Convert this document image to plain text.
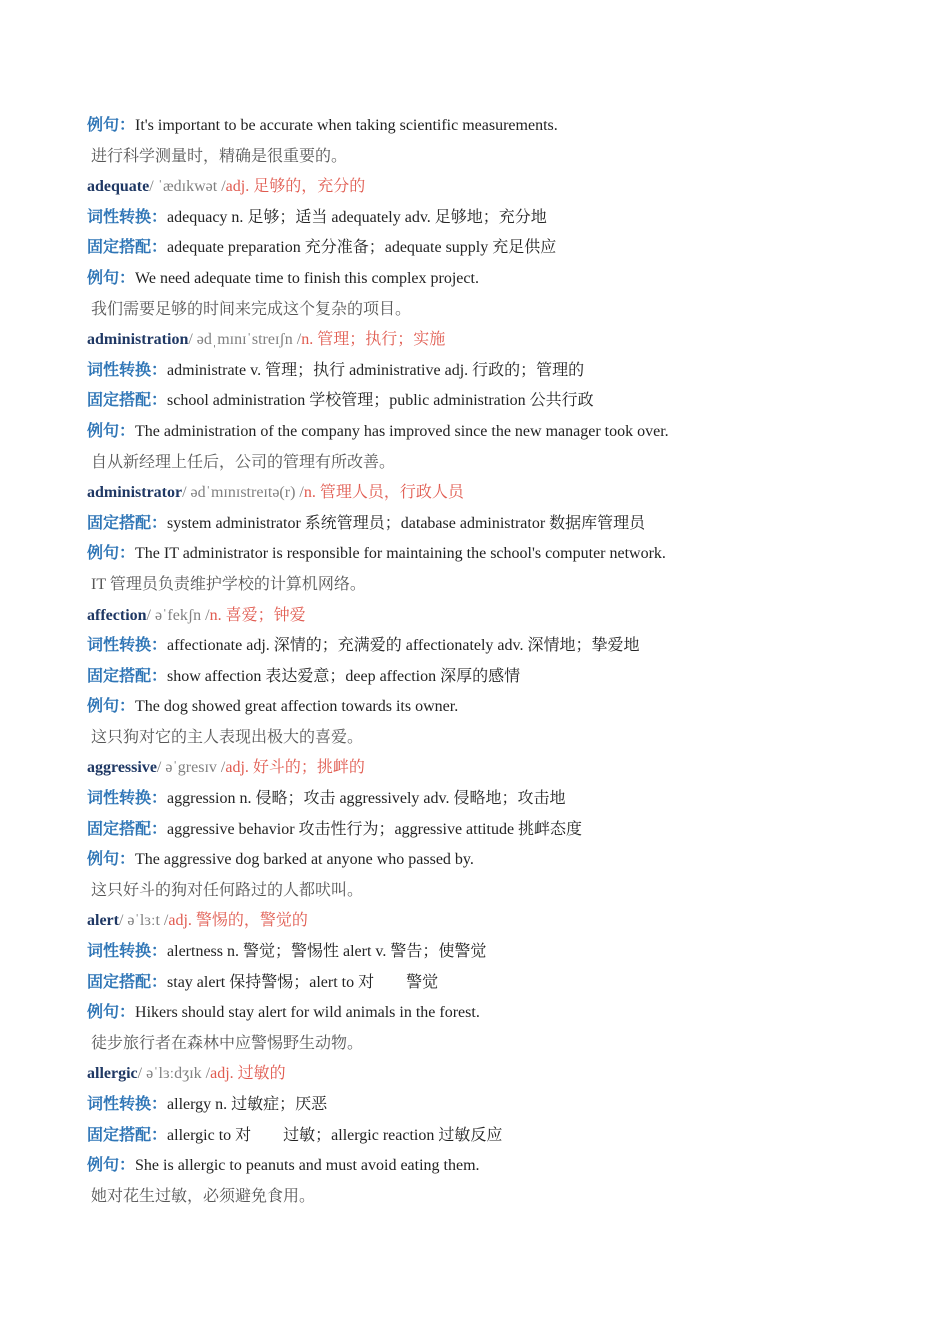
例句：It's important to be accurate when taking scientific measurements.
进行科学测量时，精确是很重要的。
adequate/ ˈædɪkwət /adj. 足够的，充分的
词性转换：adequacy n. 足够；适当 adequately adv. 足够地；充分地
固定搭配：adequate preparation 充分准备；adequate supply 充足供应
例句：We need adequate time to finish this complex project.
我们需要足够的时间来完成这个复杂的项目。
administration/ ədˌmɪnɪˈstreɪʃn /n. 管理；执行；实施
词性转换：administrate v. 管理；执行 administrative adj. 行政的；管理的
固定搭配：school administration 学校管理；public administration 公共行政
例句：The administration of the company has improved since the new manager took over.
自从新经理上任后，公司的管理有所改善。
administrator/ ədˈmɪnɪstreɪtə(r) /n. 管理人员，行政人员
固定搭配：system administrator 系统管理员；database administrator 数据库管理员
例句：The IT administrator is responsible for maintaining the school's computer network.
IT 管理员负责维护学校的计算机网络。
affection/ əˈfekʃn /n. 喜爱；钟爱
词性转换：affectionate adj. 深情的；充满爱的 affectionately adv. 深情地；挚爱地
固定搭配：show affection 表达爱意；deep affection 深厚的感情
例句：The dog showed great affection towards its owner.
这只狗对它的主人表现出极大的喜爱。
aggressive/ əˈgresɪv /adj. 好斗的；挑衅的
词性转换：aggression n. 侵略；攻击 aggressively adv. 侵略地；攻击地
固定搭配：aggressive behavior 攻击性行为；aggressive attitude 挑衅态度
例句：The aggressive dog barked at anyone who passed by.
这只好斗的狗对任何路过的人都吠叫。
alert/ əˈlɜːt /adj. 警惕的，警觉的
词性转换：alertness n. 警觉；警惕性 alert v. 警告；使警觉
固定搭配：stay alert 保持警惕；alert to 对　　警觉
例句：Hikers should stay alert for wild animals in the forest.
徒步旅行者在森林中应警惕野生动物。
allergic/ əˈlɜːdʒɪk /adj. 过敏的
词性转换：allergy n. 过敏症；厌恶
固定搭配：allergic to 对　　过敏；allergic reaction 过敏反应
例句：She is allergic to peanuts and must avoid eating them.
她对花生过敏，必须避免食用。
